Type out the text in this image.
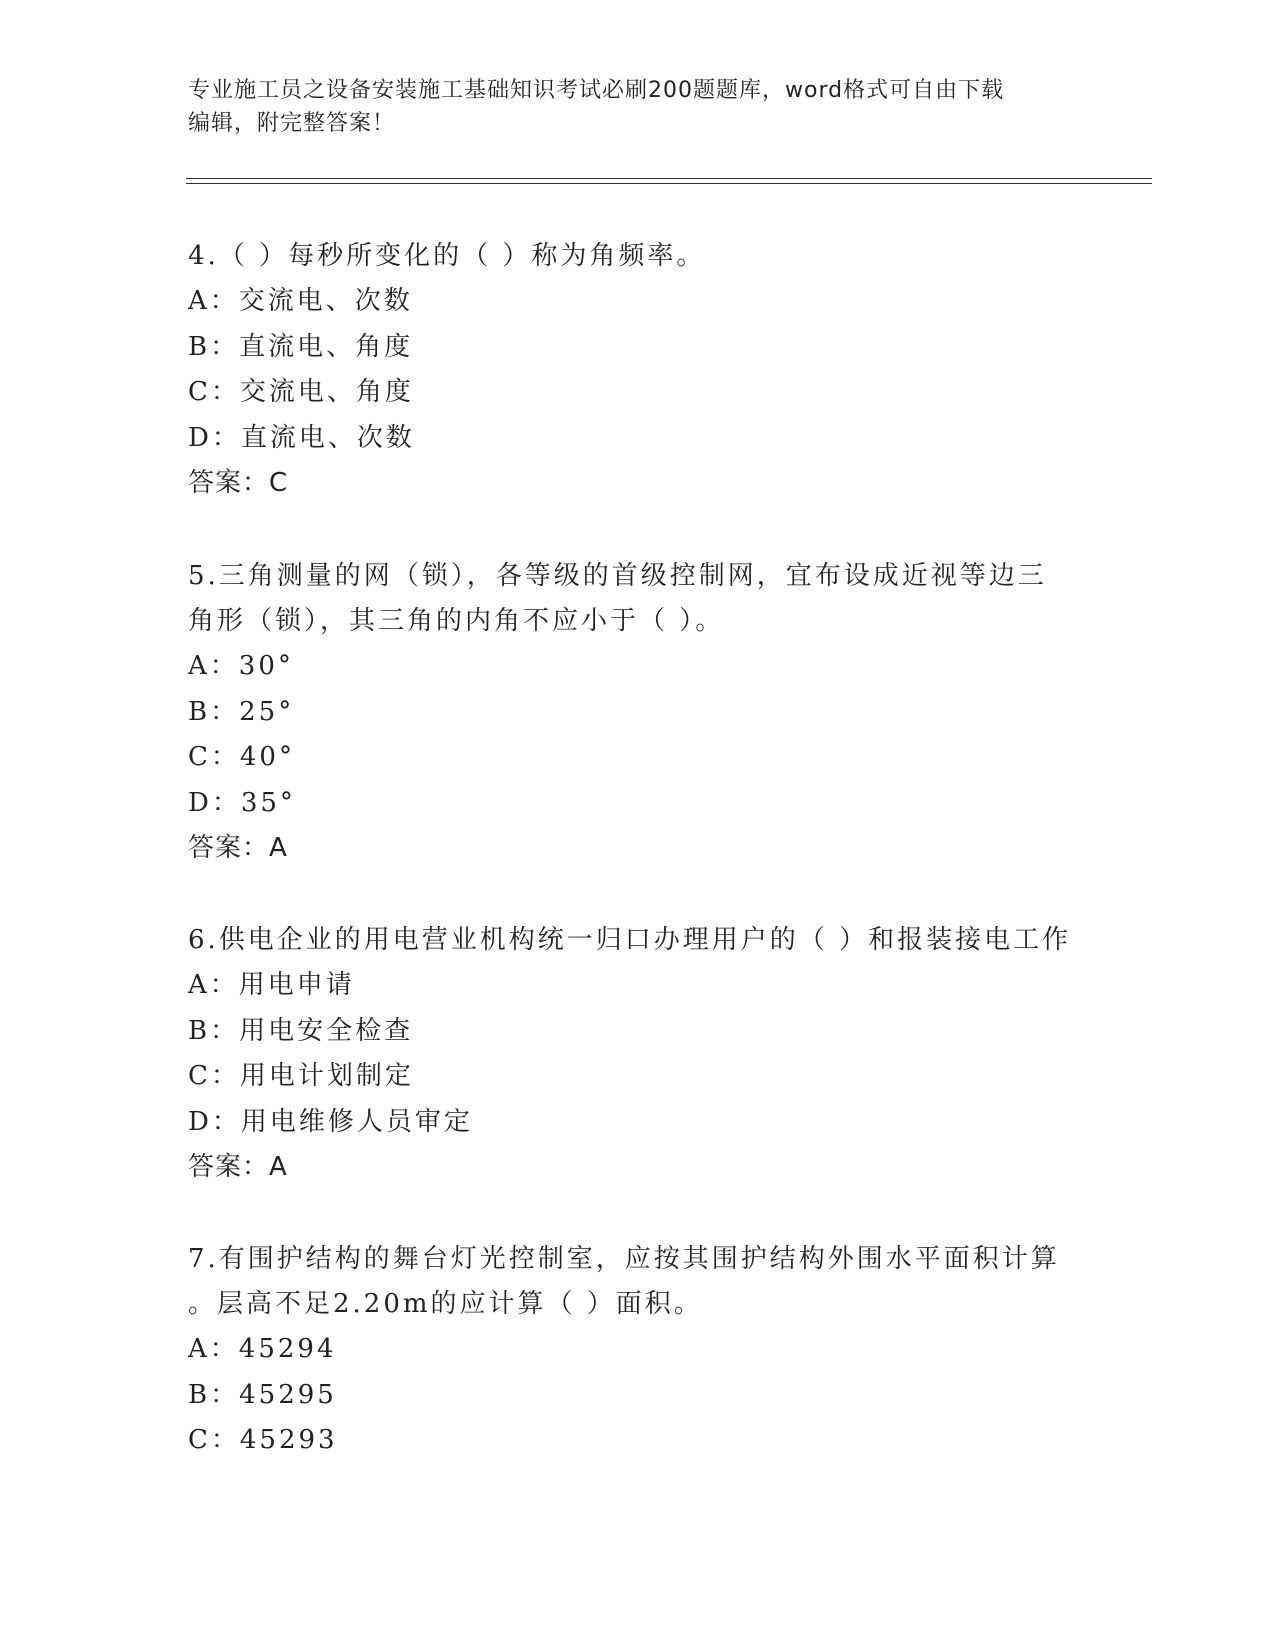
专业施工员之设备安装施工基础知识考试必刷200题题库，word格式可自由下载
编辑，附完整答案！

4.（ ）每秒所变化的（ ）称为角频率。

A：交流电、次数
B：直流电、角度
C：交流电、角度
D：直流电、次数
答案：C

5.三角测量的网（锁），各等级的首级控制网，宜布设成近视等边三
角形（锁），其三角的内角不应小于（ ）。

A：30°
B：25°
C：40°
D：35°
答案：A

6.供电企业的用电营业机构统一归口办理用户的（ ）和报装接电工作

A：用电申请
B：用电安全检查
C：用电计划制定
D：用电维修人员审定
答案：A

7.有围护结构的舞台灯光控制室，应按其围护结构外围水平面积计算
。层高不足2.20m的应计算（ ）面积。

A：45294
B：45295
C：45293
